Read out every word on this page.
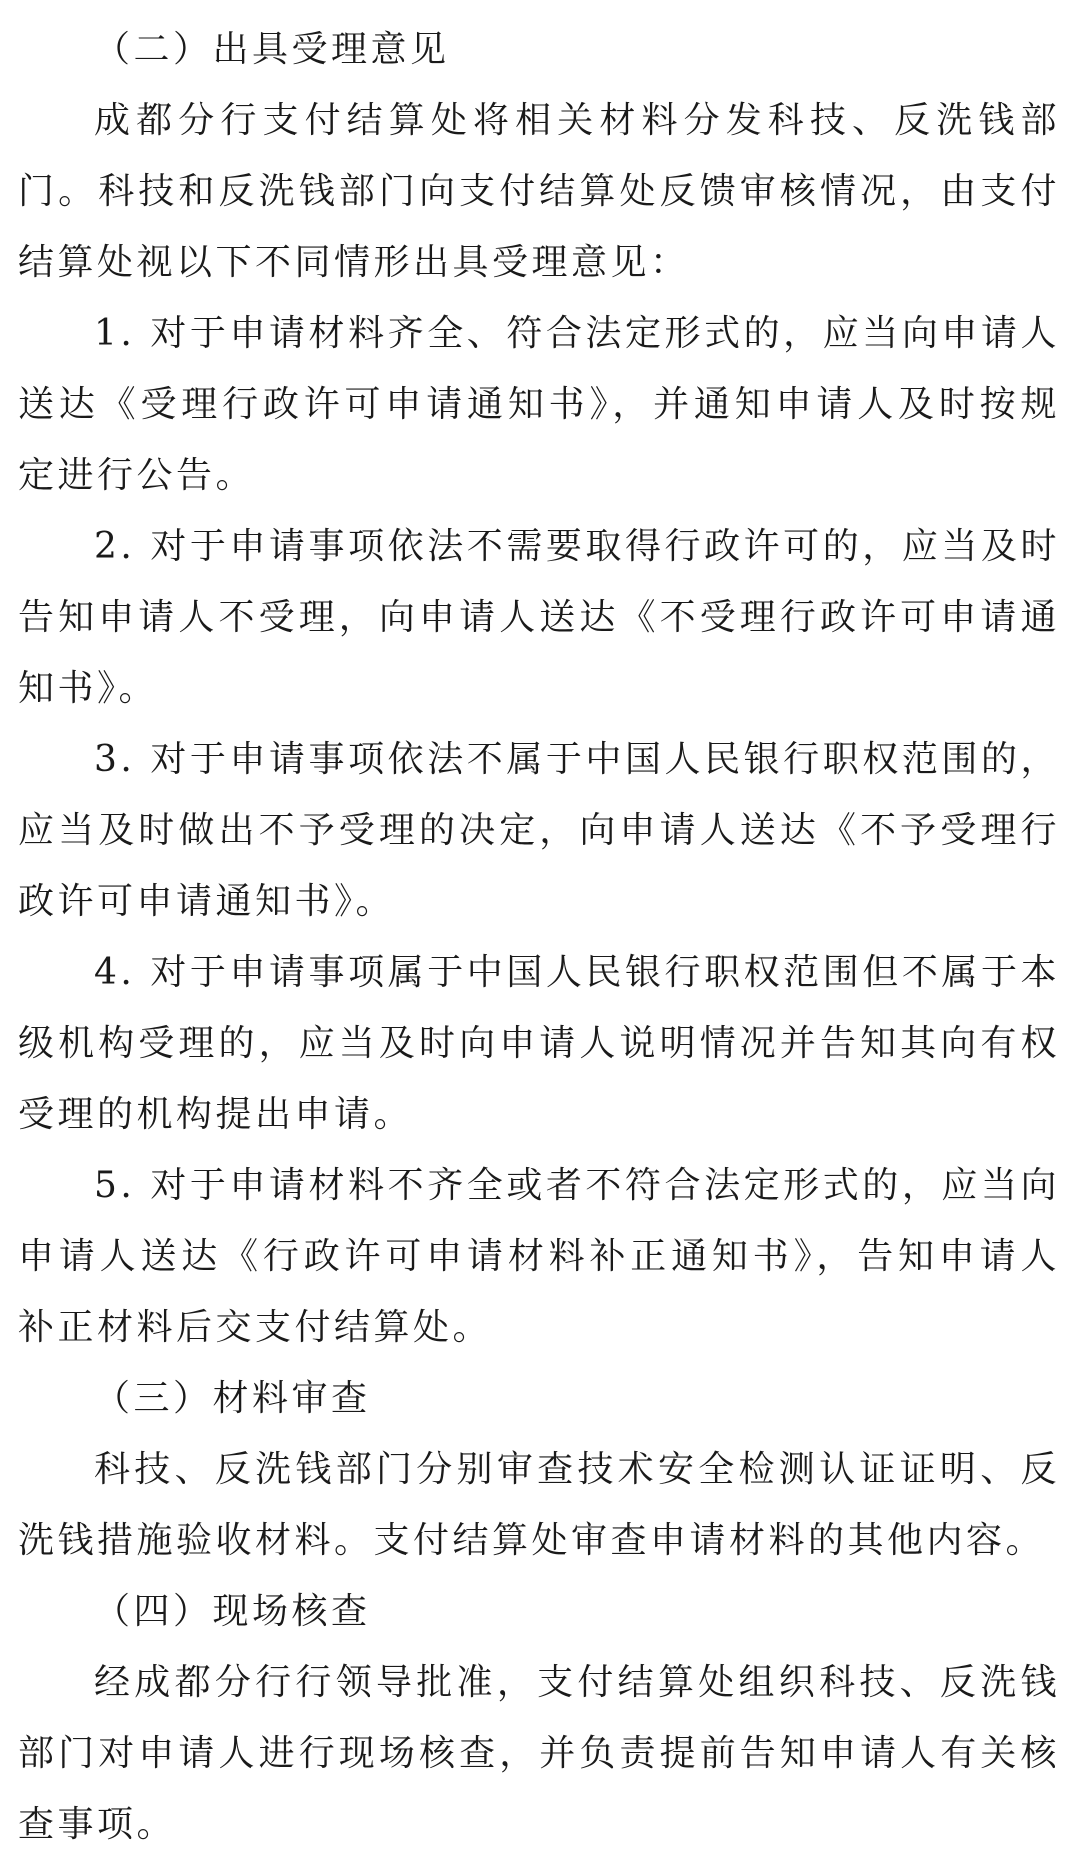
（二）出具受理意见

成都分行支付结算处将相关材料分发科技、反洗钱部门。科技和反洗钱部门向支付结算处反馈审核情况，由支付结算处视以下不同情形出具受理意见：

1. 对于申请材料齐全、符合法定形式的，应当向申请人送达《受理行政许可申请通知书》，并通知申请人及时按规定进行公告。

2. 对于申请事项依法不需要取得行政许可的，应当及时告知申请人不受理，向申请人送达《不受理行政许可申请通知书》。

3. 对于申请事项依法不属于中国人民银行职权范围的，应当及时做出不予受理的决定，向申请人送达《不予受理行政许可申请通知书》。

4. 对于申请事项属于中国人民银行职权范围但不属于本级机构受理的，应当及时向申请人说明情况并告知其向有权受理的机构提出申请。

5. 对于申请材料不齐全或者不符合法定形式的，应当向申请人送达《行政许可申请材料补正通知书》，告知申请人补正材料后交支付结算处。

（三）材料审查

科技、反洗钱部门分别审查技术安全检测认证证明、反洗钱措施验收材料。支付结算处审查申请材料的其他内容。

（四）现场核查

经成都分行行领导批准，支付结算处组织科技、反洗钱部门对申请人进行现场核查，并负责提前告知申请人有关核查事项。
